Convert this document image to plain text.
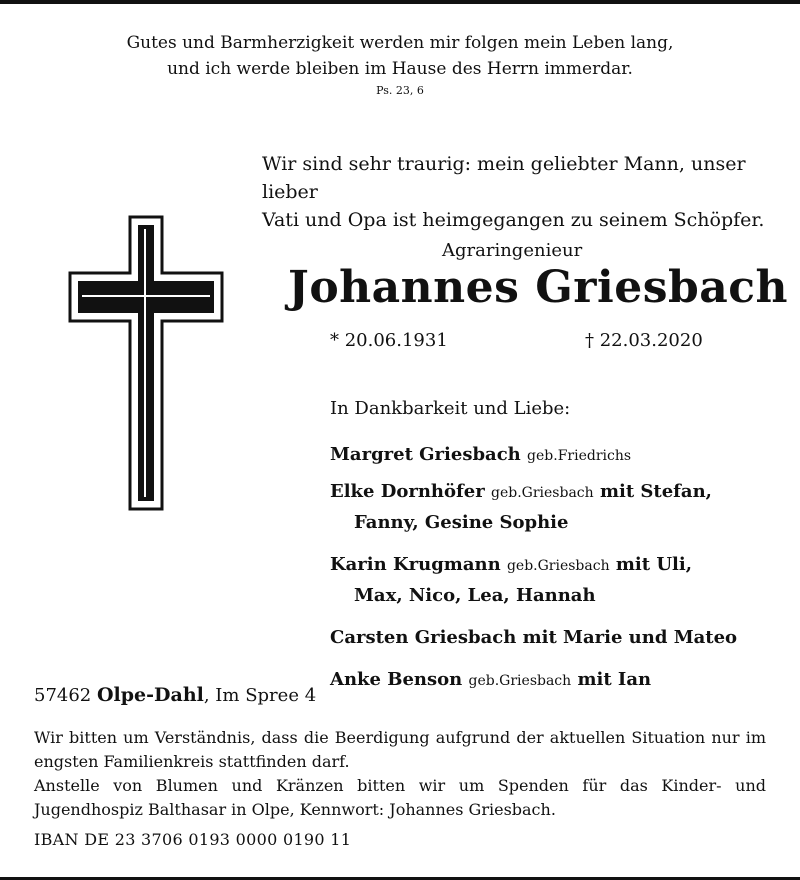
Gutes und Barmherzigkeit werden mir folgen mein Leben lang,
und ich werde bleiben im Hause des Herrn immerdar.
Ps. 23, 6
Wir sind sehr traurig: mein geliebter Mann, unser lieber
Vati und Opa ist heimgegangen zu seinem Schöpfer.
Agraringenieur
Johannes Griesbach
* 20.06.1931	† 22.03.2020
In Dankbarkeit und Liebe:
Margret Griesbach geb.Friedrichs
Elke Dornhöfer geb.Griesbach mit Stefan,
Fanny, Gesine Sophie
Karin Krugmann geb.Griesbach mit Uli,
Max, Nico, Lea, Hannah
Carsten Griesbach mit Marie und Mateo
Anke Benson geb.Griesbach mit Ian
57462 Olpe-Dahl, Im Spree 4

Wir bitten um Verständnis, dass die Beerdigung aufgrund der aktuellen Situation nur im engsten Familienkreis stattfinden darf.

Anstelle von Blumen und Kränzen bitten wir um Spenden für das Kinder- und Jugendhospiz Balthasar in Olpe, Kennwort: Johannes Griesbach.

IBAN DE 23 3706 0193 0000 0190 11
